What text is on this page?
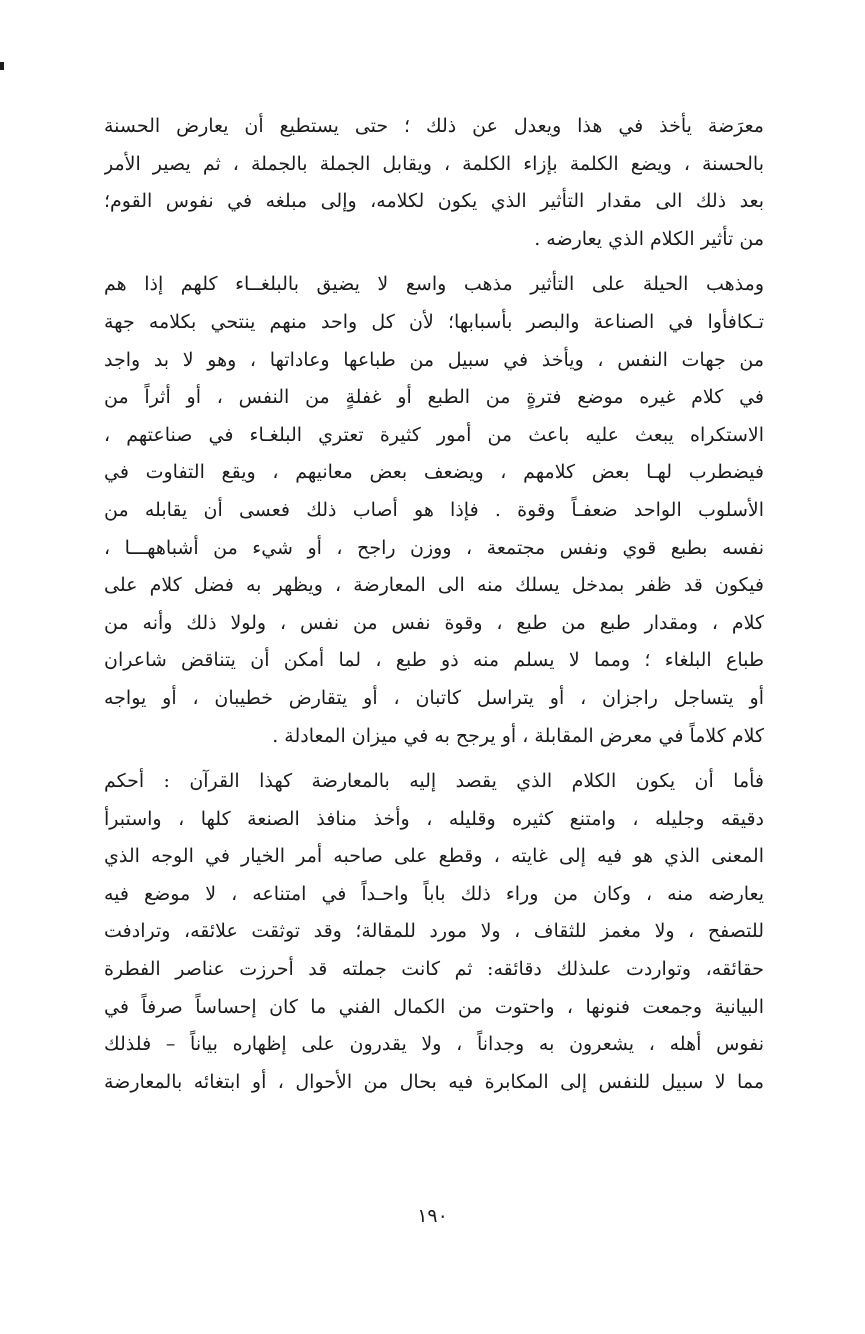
معرَضة يأخذ في هذا ويعدل عن ذلك ؛ حتى يستطيع أن يعارض الحسنة
بالحسنة ، ويضع الكلمة بإزاء الكلمة ، ويقابل الجملة بالجملة ، ثم يصير الأمر
بعد ذلك الى مقدار التأثير الذي يكون لكلامه، وإلى مبلغه في نفوس القوم؛
من تأثير الكلام الذي يعارضه .
ومذهب الحيلة على التأثير مذهب واسع لا يضيق بالبلغــاء كلهم إذا هم
تـكافأوا في الصناعة والبصر بأسبابها؛ لأن كل واحد منهم ينتحي بكلامه جهة
من جهات النفس ، ويأخذ في سبيل من طباعها وعاداتها ، وهو لا بد واجد
في كلام غيره موضع فترةٍ من الطبع أو غفلةٍ من النفس ، أو أثراً من
الاستكراه يبعث عليه باعث من أمور كثيرة تعتري البلغـاء في صناعتهم ،
فيضطرب لهـا بعض كلامهم ، ويضعف بعض معانيهم ، ويقع التفاوت في
الأسلوب الواحد ضعفـاً وقوة . فإذا هو أصاب ذلك فعسى أن يقابله من
نفسه بطبع قوي ونفس مجتمعة ، ووزن راجح ، أو شيء من أشباههـــا ،
فيكون قد ظفر بمدخل يسلك منه الى المعارضة ، ويظهر به فضل كلام على
كلام ، ومقدار طبع من طبع ، وقوة نفس من نفس ، ولولا ذلك وأنه من
طباع البلغاء ؛ ومما لا يسلم منه ذو طبع ، لما أمكن أن يتناقض شاعران
أو يتساجل راجزان ، أو يتراسل كاتبان ، أو يتقارض خطيبان ، أو يواجه
كلام كلاماً في معرض المقابلة ، أو يرجح به في ميزان المعادلة .
فأما أن يكون الكلام الذي يقصد إليه بالمعارضة كهذا القرآن : أحكم
دقيقه وجليله ، وامتنع كثيره وقليله ، وأخذ منافذ الصنعة كلها ، واستبرأ
المعنى الذي هو فيه إلى غايته ، وقطع على صاحبه أمر الخيار في الوجه الذي
يعارضه منه ، وكان من وراء ذلك باباً واحـداً في امتناعه ، لا موضع فيه
للتصفح ، ولا مغمز للثقاف ، ولا مورد للمقالة؛ وقد توثقت علائقه، وترادفت
حقائقه، وتواردت علىذلك دقائقه: ثم كانت جملته قد أحرزت عناصر الفطرة
البيانية وجمعت فنونها ، واحتوت من الكمال الفني ما كان إحساساً صرفاً في
نفوس أهله ، يشعرون به وجداناً ، ولا يقدرون على إظهاره بياناً – فلذلك
مما لا سبيل للنفس إلى المكابرة فيه بحال من الأحوال ، أو ابتغائه بالمعارضة
١٩٠
